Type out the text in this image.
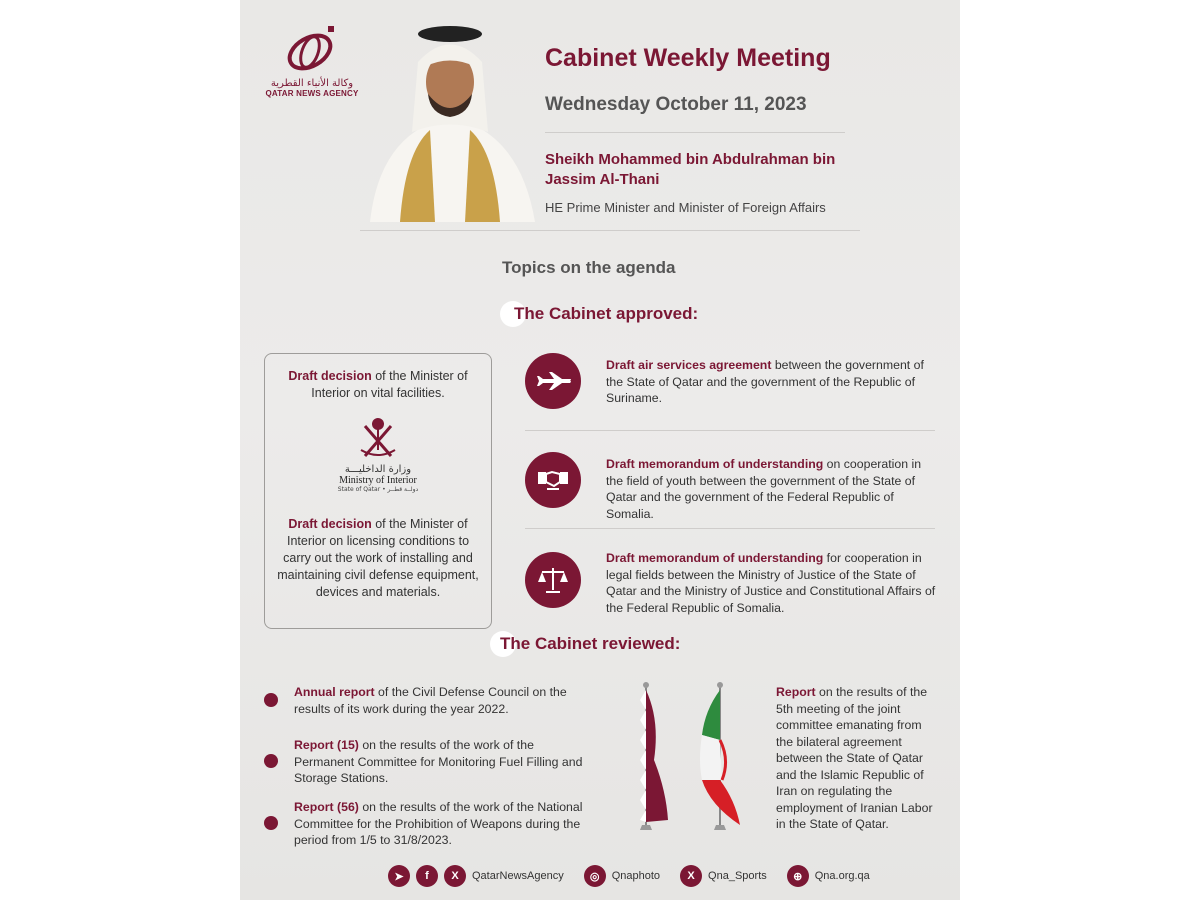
وكالة الأنباء القطرية
QATAR NEWS AGENCY
Cabinet Weekly Meeting
Wednesday October 11, 2023
Sheikh Mohammed bin Abdulrahman bin Jassim Al-Thani
HE Prime Minister and Minister of Foreign Affairs
Topics on the agenda
The Cabinet approved:

Draft decision of the Minister of Interior on vital facilities.

وزارة الداخليـــة
Ministry of Interior
State of Qatar • دولــة قطــر

Draft decision of the Minister of Interior on licensing conditions to carry out the work of installing and maintaining civil defense equipment, devices and materials.

Draft air services agreement between the government of the State of Qatar and the government of the Republic of Suriname.
Draft memorandum of understanding on cooperation in the field of youth between the government of the State of Qatar and the government of the Federal Republic of Somalia.
Draft memorandum of understanding for cooperation in legal fields between the Ministry of Justice of the State of Qatar and the Ministry of Justice and Constitutional Affairs of the Federal Republic of Somalia.
The Cabinet reviewed:
Annual report of the Civil Defense Council on the results of its work during the year 2022.
Report (15) on the results of the work of the Permanent Committee for Monitoring Fuel Filling and Storage Stations.
Report (56) on the results of the work of the National Committee for the Prohibition of Weapons during the period from 1/5 to 31/8/2023.
Report on the results of the 5th meeting of the joint committee emanating from the bilateral agreement between the State of Qatar and the Islamic Republic of Iran on regulating the employment of Iranian Labor in the State of Qatar.
➤	f	X	QatarNewsAgency	◎	Qnaphoto	X	Qna_Sports	⊕	Qna.org.qa
